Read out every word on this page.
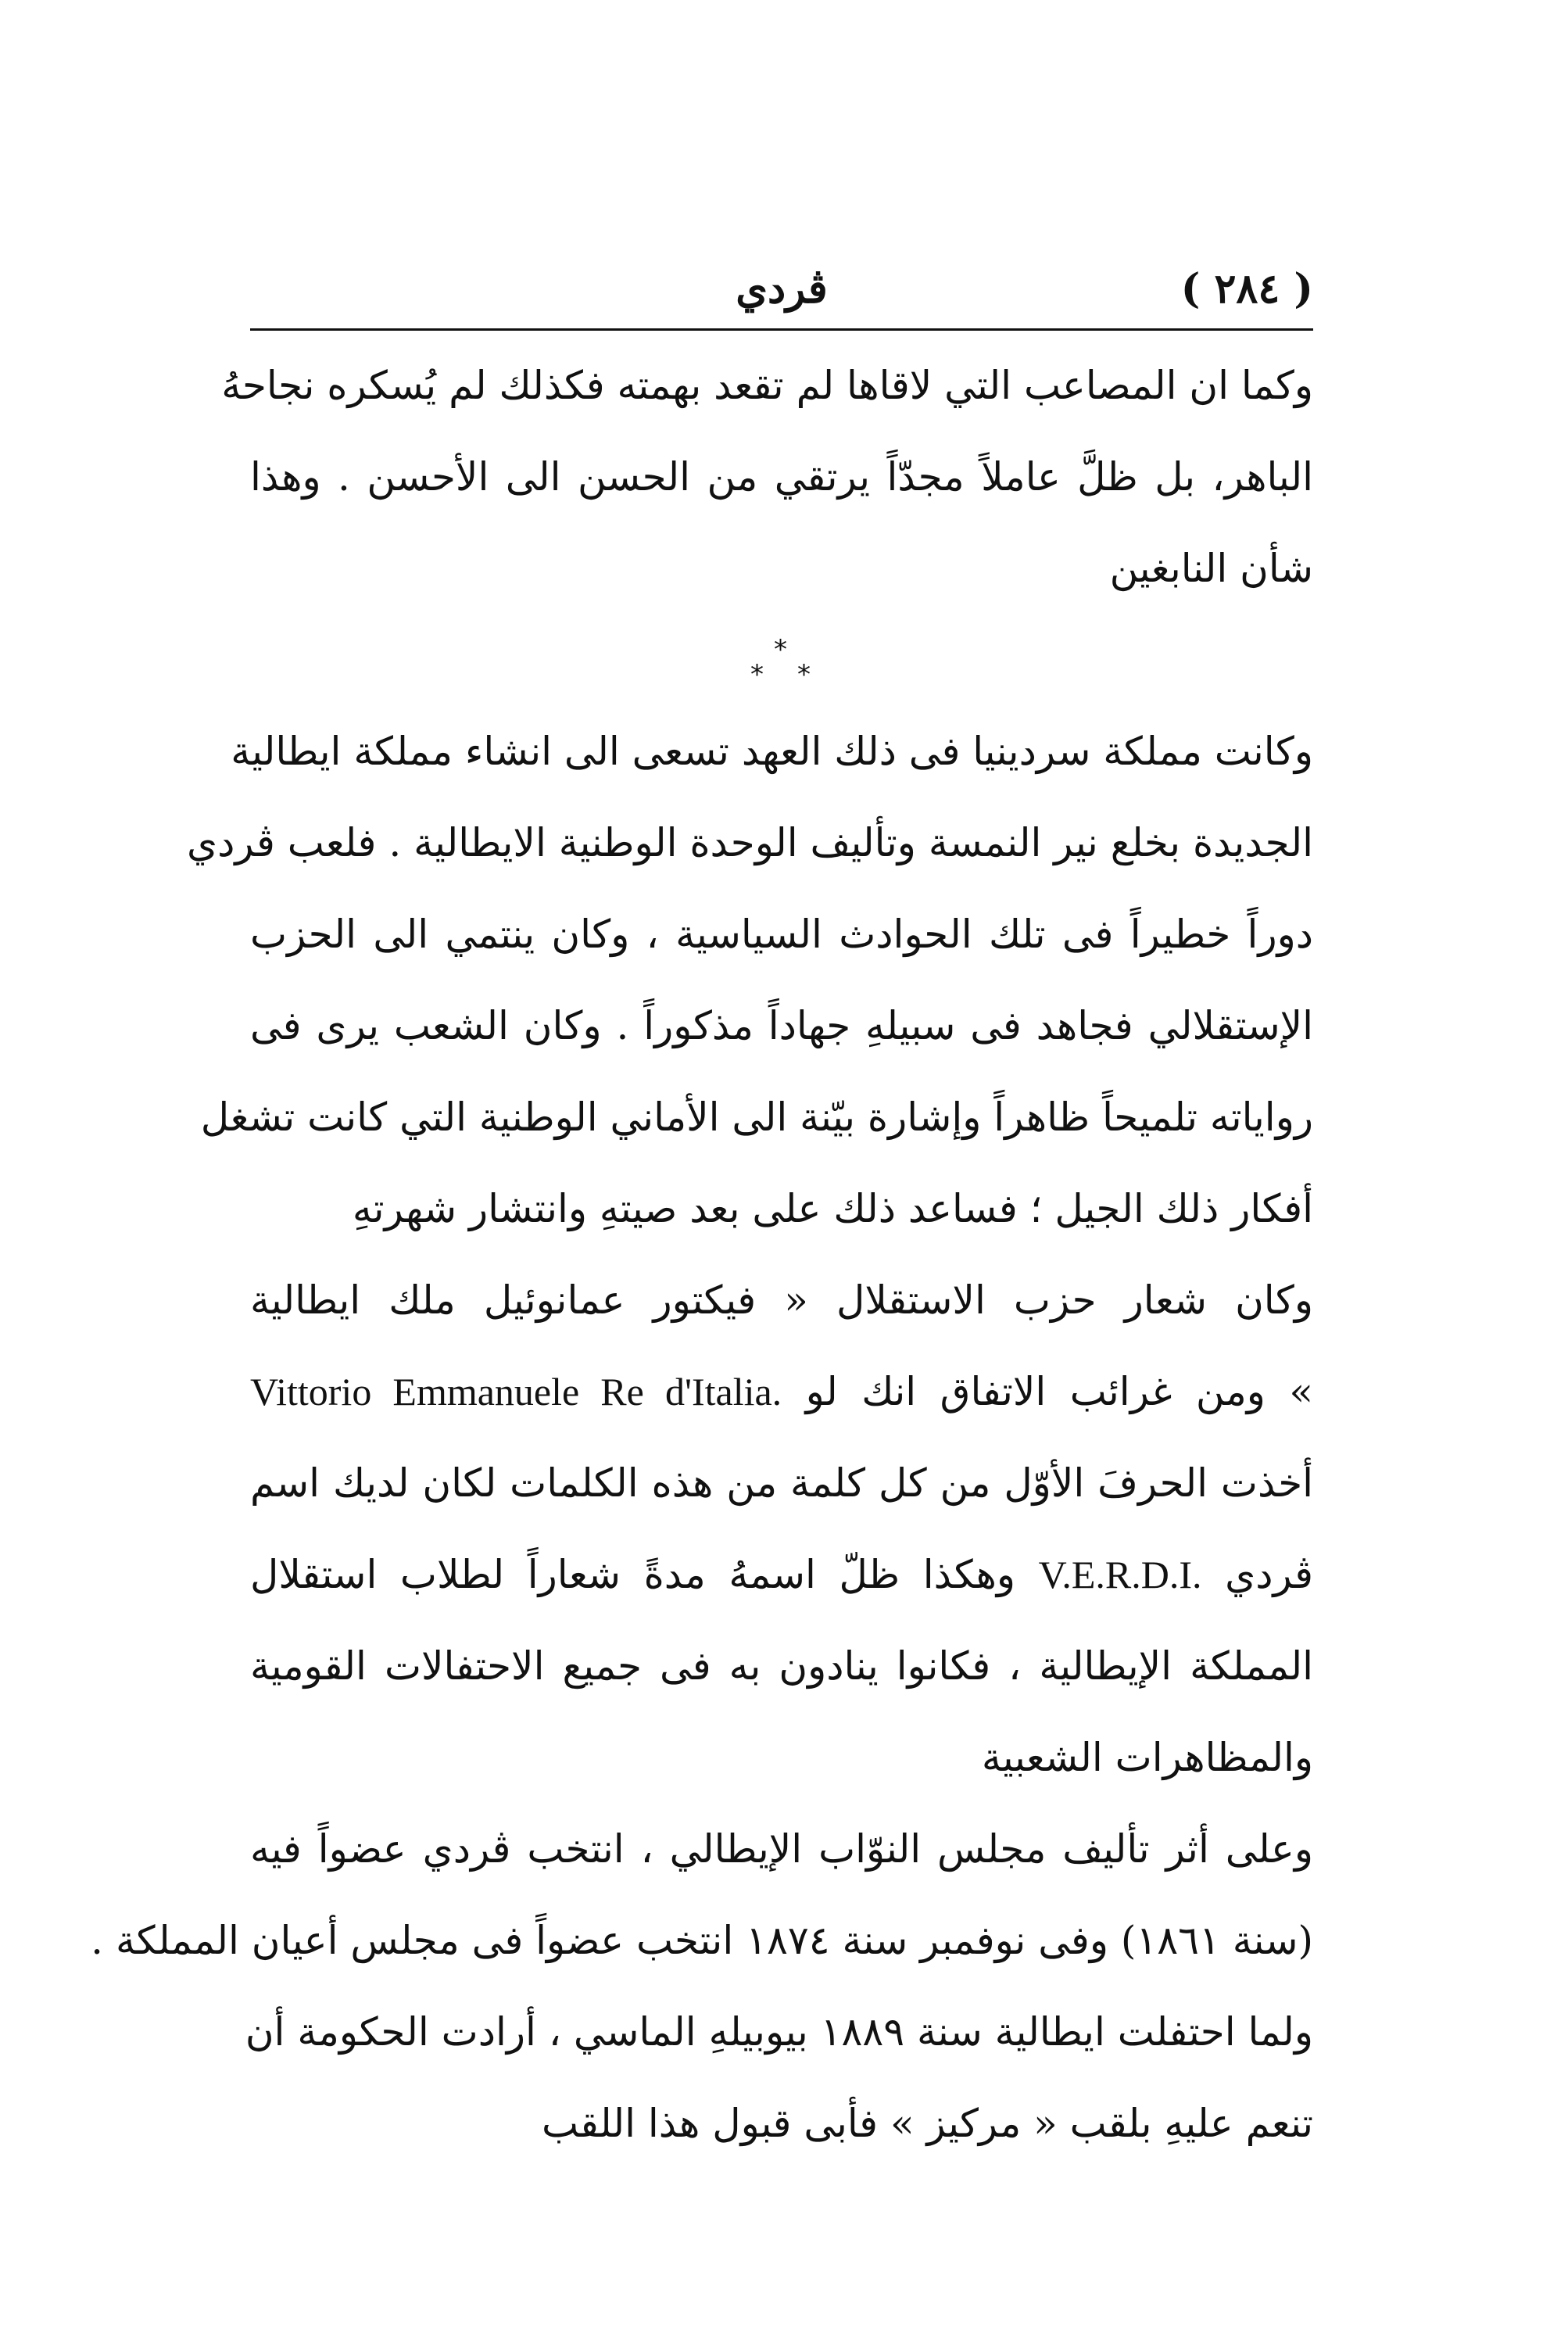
( ٢٨٤ )
ڤردي
وكما ان المصاعب التي لاقاها لم تقعد بهمته فكذلك لم يُسكره نجاحهُ
الباهر، بل ظلَّ عاملاً مجدّاً يرتقي من الحسن الى الأحسن . وهذا
شأن النابغين
*
* *
وكانت مملكة سردينيا فى ذلك العهد تسعى الى انشاء مملكة ايطالية
الجديدة بخلع نير النمسة وتأليف الوحدة الوطنية الايطالية . فلعب ڤردي
دوراً خطيراً فى تلك الحوادث السياسية ، وكان ينتمي الى الحزب
الإستقلالي فجاهد فى سبيلهِ جهاداً مذكوراً . وكان الشعب يرى فى
رواياته تلميحاً ظاهراً وإشارة بيّنة الى الأماني الوطنية التي كانت تشغل
أفكار ذلك الجيل ؛ فساعد ذلك على بعد صيتهِ وانتشار شهرتهِ
وكان شعار حزب الاستقلال « فيكتور عمانوئيل ملك ايطالية
» ومن غرائب الاتفاق انك لو Vittorio Emmanuele Re d'Italia.
أخذت الحرفَ الأوّل من كل كلمة من هذه الكلمات لكان لديك اسم
ڤردي V.E.R.D.I. وهكذا ظلّ اسمهُ مدةً شعاراً لطلاب استقلال
المملكة الإيطالية ، فكانوا ينادون به فى جميع الاحتفالات القومية
والمظاهرات الشعبية
وعلى أثر تأليف مجلس النوّاب الإيطالي ، انتخب ڤردي عضواً فيه
(سنة ١٨٦١) وفى نوفمبر سنة ١٨٧٤ انتخب عضواً فى مجلس أعيان المملكة .
ولما احتفلت ايطالية سنة ١٨٨٩ بيوبيلهِ الماسي ، أرادت الحكومة أن
تنعم عليهِ بلقب « مركيز » فأبى قبول هذا اللقب
